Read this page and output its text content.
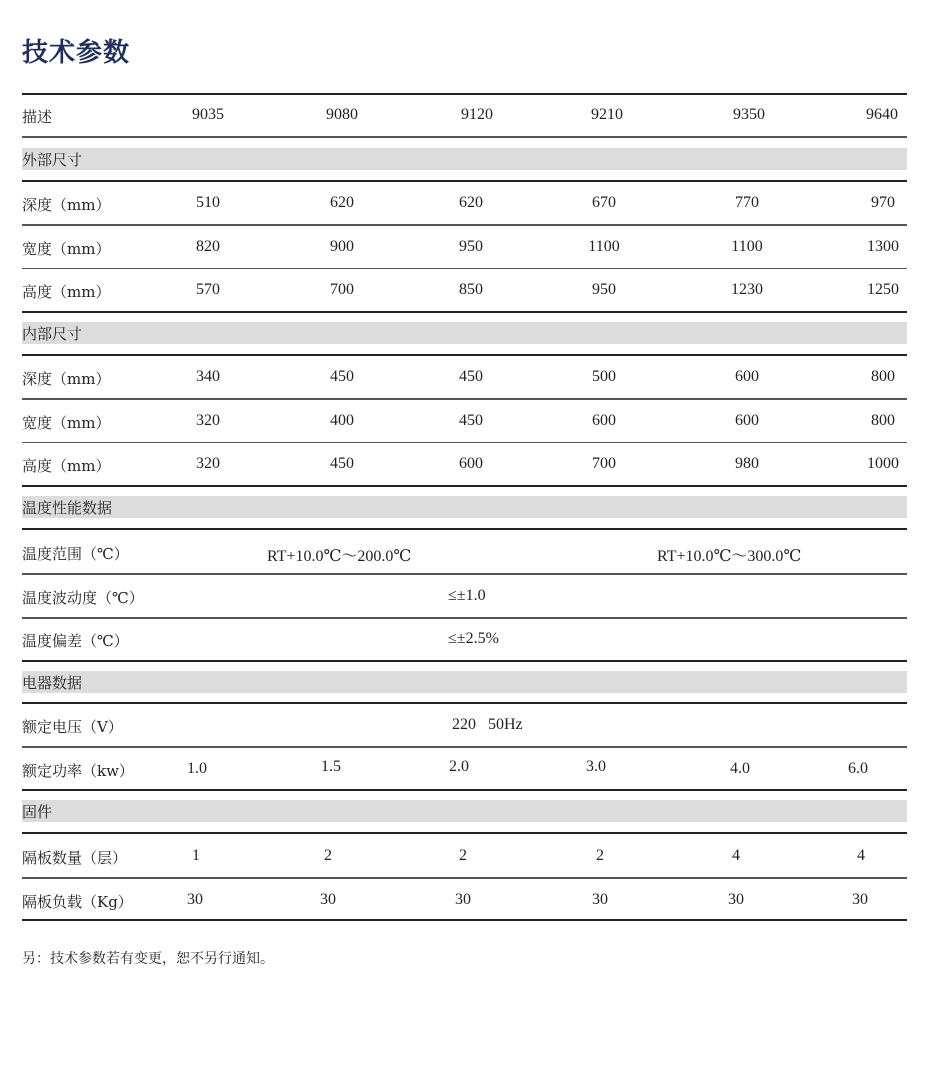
技术参数
描述	9035	9080	9120	9210	9350	9640
外部尺寸
深度（mm）	510	620	620	670	770	970
宽度（mm）	820	900	950	1100	1100	1300
高度（mm）	570	700	850	950	1230	1250
内部尺寸
深度（mm）	340	450	450	500	600	800
宽度（mm）	320	400	450	600	600	800
高度（mm）	320	450	600	700	980	1000
温度性能数据
温度范围（℃）	RT+10.0℃～200.0℃	RT+10.0℃～300.0℃
温度波动度（℃）	≤±1.0
温度偏差（℃）	≤±2.5%
电器数据
额定电压（V）	220   50Hz
额定功率（kw）	1.0	1.5	2.0	3.0	4.0	6.0
固件
隔板数量（层）	1	2	2	2	4	4
隔板负载（Kg）	30	30	30	30	30	30
另：技术参数若有变更，恕不另行通知。
